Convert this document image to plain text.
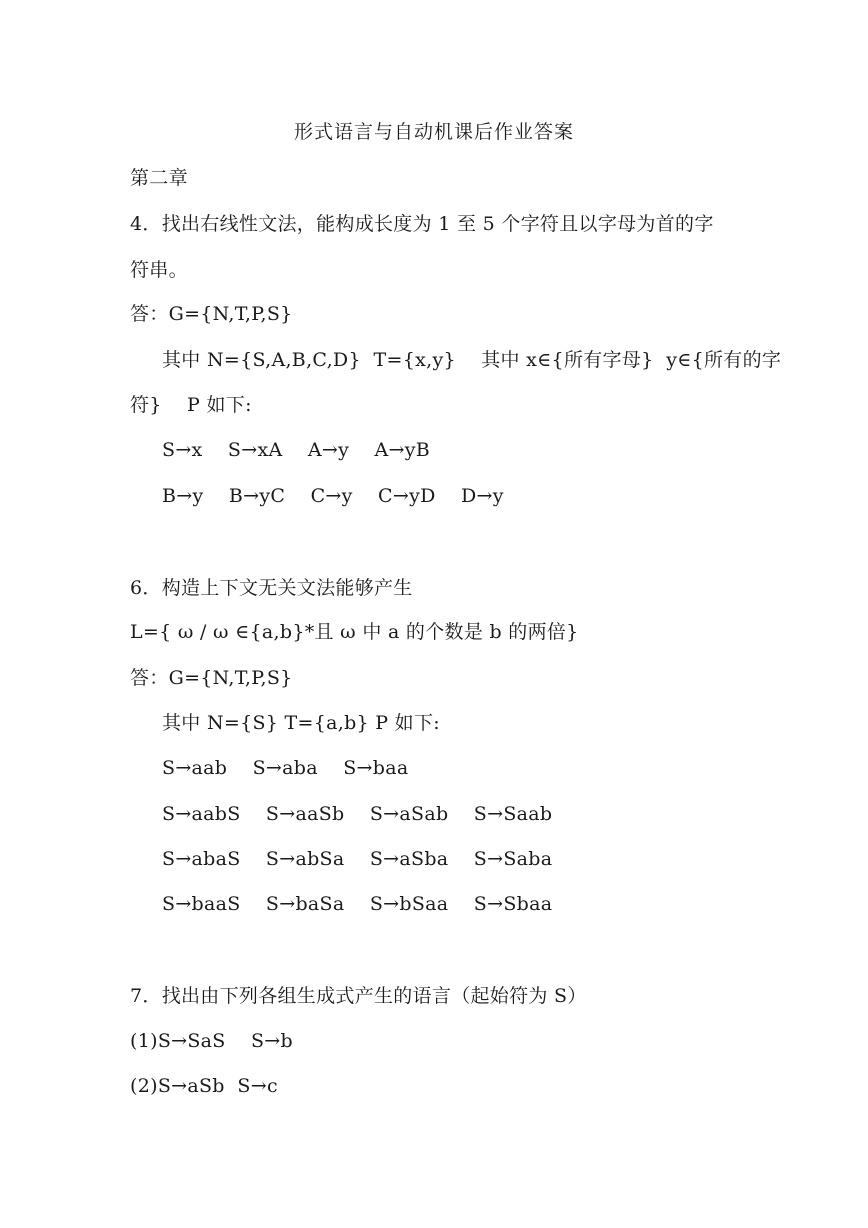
形式语言与自动机课后作业答案
第二章
4．找出右线性文法，能构成长度为 1 至 5 个字符且以字母为首的字
符串。
答：G={N,T,P,S}
其中 N={S,A,B,C,D}  T={x,y}    其中 x∈{所有字母}  y∈{所有的字
符}    P 如下:
S→x    S→xA    A→y    A→yB
B→y    B→yC    C→y    C→yD    D→y
6．构造上下文无关文法能够产生
L={ ω / ω ∈{a,b}*且 ω 中 a 的个数是 b 的两倍}
答：G={N,T,P,S}
其中 N={S} T={a,b} P 如下:
S→aab    S→aba    S→baa
S→aabS    S→aaSb    S→aSab    S→Saab
S→abaS    S→abSa    S→aSba    S→Saba
S→baaS    S→baSa    S→bSaa    S→Sbaa
7．找出由下列各组生成式产生的语言（起始符为 S）
(1)S→SaS    S→b
(2)S→aSb  S→c
